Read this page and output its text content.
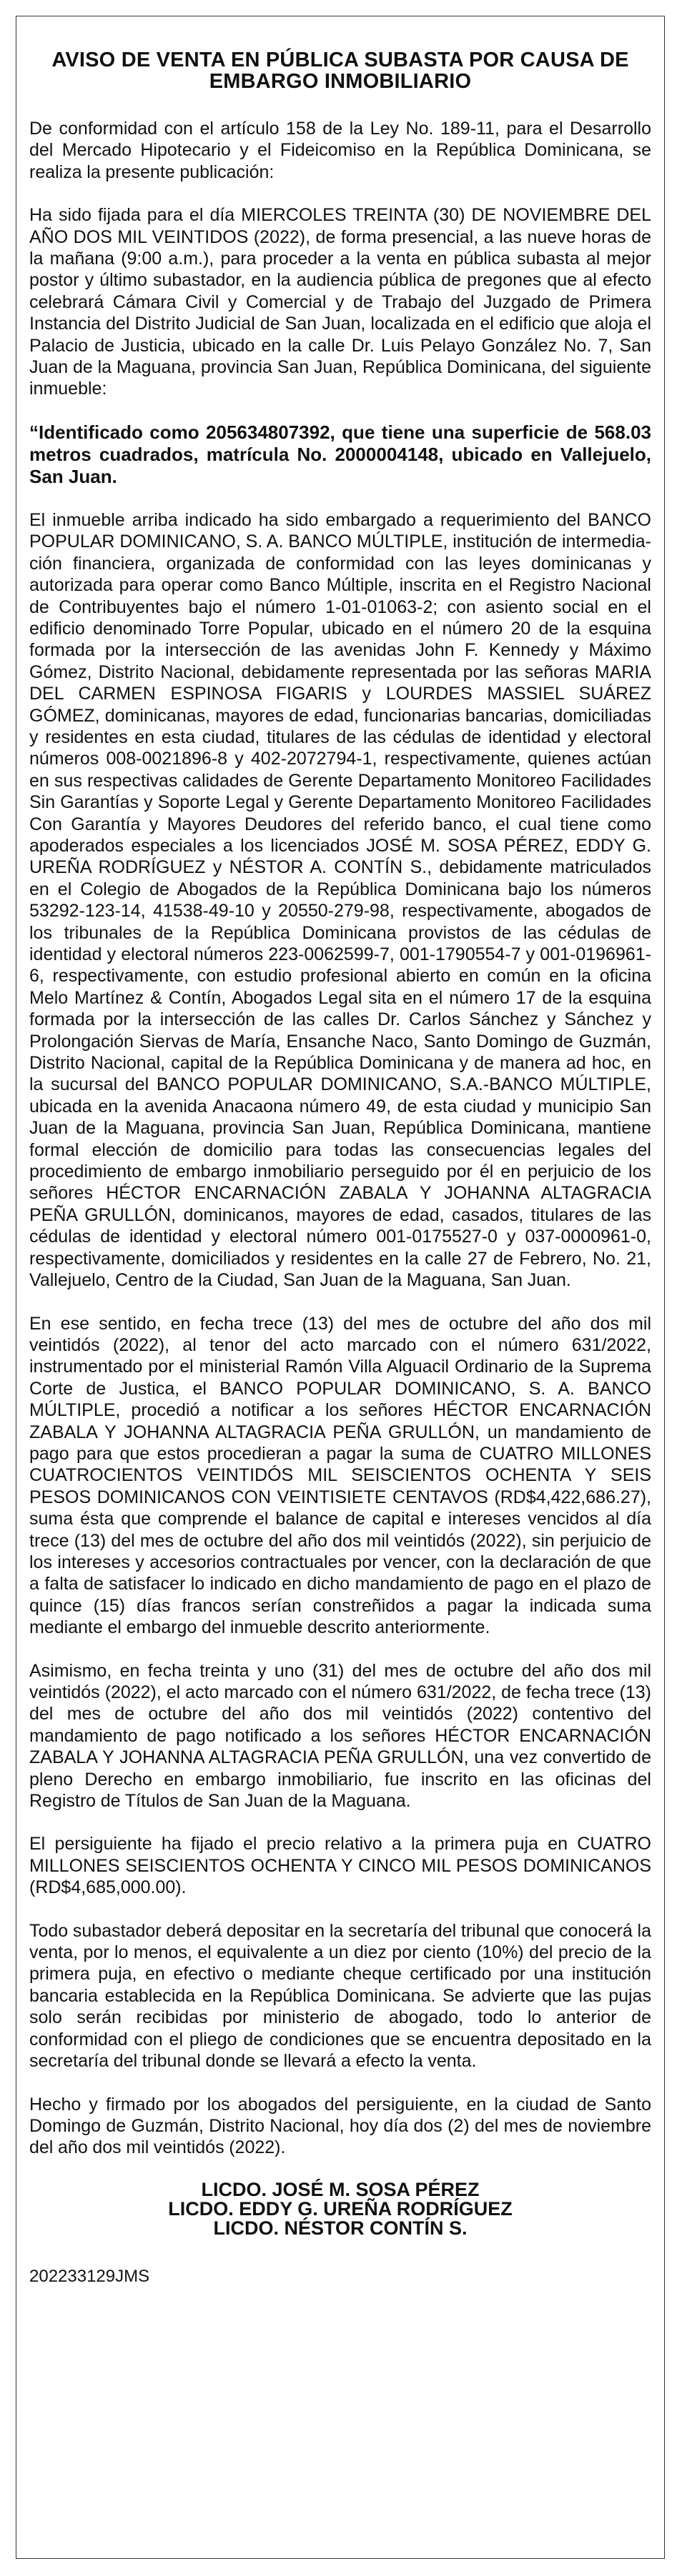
AVISO DE VENTA EN PÚBLICA SUBASTA POR CAUSA DE
EMBARGO INMOBILIARIO

De conformidad con el artículo 158 de la Ley No. 189-11, para el Desarrollo del Mercado Hipotecario y el Fideicomiso en la República Dominicana, se realiza la presente publicación:

Ha sido fijada para el día MIERCOLES TREINTA (30) DE NOVIEMBRE DEL AÑO DOS MIL VEINTIDOS (2022), de forma presencial, a las nueve horas de la mañana (9:00 a.m.), para proceder a la venta en pública subasta al mejor postor y último subastador, en la audiencia pública de pregones que al efecto celebrará Cámara Civil y Comercial y de Trabajo del Juzgado de Primera Instancia del Distrito Judicial de San Juan, localizada en el edificio que aloja el Palacio de Justicia, ubicado en la calle Dr. Luis Pelayo González No. 7, San Juan de la Maguana, provincia San Juan, República Dominicana, del siguiente inmueble:

“Identificado como 205634807392, que tiene una superficie de 568.03 metros cuadrados, matrícula No. 2000004148, ubicado en Vallejuelo, San Juan.

El inmueble arriba indicado ha sido embargado a requerimiento del BANCO POPULAR DOMINICANO, S. A. BANCO MÚLTIPLE, institución de intermediación financiera, organizada de conformidad con las leyes dominicanas y autorizada para operar como Banco Múltiple, inscrita en el Registro Nacional de Contribuyentes bajo el número 1-01-01063-2; con asiento social en el edificio denominado Torre Popular, ubicado en el número 20 de la esquina formada por la intersección de las avenidas John F. Kennedy y Máximo Gómez, Distrito Nacional, debidamente representada por las señoras MARIA DEL CARMEN ESPINOSA FIGARIS y LOURDES MASSIEL SUÁREZ GÓMEZ, dominicanas, mayores de edad, funcionarias bancarias, domiciliadas y residentes en esta ciudad, titulares de las cédulas de identidad y electoral números 008-0021896-8 y 402-2072794-1, respectivamente, quienes actúan en sus respectivas calidades de Gerente Departamento Monitoreo Facilidades Sin Garantías y Soporte Legal y Gerente Departamento Monitoreo Facilidades Con Garantía y Mayores Deudores del referido banco, el cual tiene como apoderados especiales a los licenciados JOSÉ M. SOSA PÉREZ, EDDY G. UREÑA RODRÍGUEZ y NÉSTOR A. CONTÍN S., debidamente matriculados en el Colegio de Abogados de la República Dominicana bajo los números 53292-123-14, 41538-49-10 y 20550-279-98, respectivamente, abogados de los tribunales de la República Dominicana provistos de las cédulas de identidad y electoral números 223-0062599-7, 001-1790554-7 y 001-0196961-6, respectivamente, con estudio profesional abierto en común en la oficina Melo Martínez & Contín, Abogados Legal sita en el número 17 de la esquina formada por la intersección de las calles Dr. Carlos Sánchez y Sánchez y Prolongación Siervas de María, Ensanche Naco, Santo Domingo de Guzmán, Distrito Nacional, capital de la República Dominicana y de manera ad hoc, en la sucursal del BANCO POPULAR DOMINICANO, S.A.-BANCO MÚLTIPLE, ubicada en la avenida Anacaona número 49, de esta ciudad y municipio San Juan de la Maguana, provincia San Juan, República Dominicana, mantiene formal elección de domicilio para todas las consecuencias legales del procedimiento de embargo inmobiliario perseguido por él en perjuicio de los señores HÉCTOR ENCARNACIÓN ZABALA Y JOHANNA ALTAGRACIA PEÑA GRULLÓN, dominicanos, mayores de edad, casados, titulares de las cédulas de identidad y electoral número 001-0175527-0 y 037-0000961-0, respectivamente, domiciliados y residentes en la calle 27 de Febrero, No. 21, Vallejuelo, Centro de la Ciudad, San Juan de la Maguana, San Juan.

En ese sentido, en fecha trece (13) del mes de octubre del año dos mil veintidós (2022), al tenor del acto marcado con el número 631/2022, instrumentado por el ministerial Ramón Villa Alguacil Ordinario de la Suprema Corte de Justica, el BANCO POPULAR DOMINICANO, S. A. BANCO MÚLTIPLE, procedió a notificar a los señores HÉCTOR ENCARNACIÓN ZABALA Y JOHANNA ALTAGRACIA PEÑA GRULLÓN, un mandamiento de pago para que estos procedieran a pagar la suma de CUATRO MILLONES CUATROCIENTOS VEINTIDÓS MIL SEISCIENTOS OCHENTA Y SEIS PESOS DOMINICANOS CON VEINTISIETE CENTAVOS (RD$4,422,686.27), suma ésta que comprende el balance de capital e intereses vencidos al día trece (13) del mes de octubre del año dos mil veintidós (2022), sin perjuicio de los intereses y accesorios contractuales por vencer, con la declaración de que a falta de satisfacer lo indicado en dicho mandamiento de pago en el plazo de quince (15) días francos serían constreñidos a pagar la indicada suma mediante el embargo del inmueble descrito anteriormente.

Asimismo, en fecha treinta y uno (31) del mes de octubre del año dos mil veintidós (2022), el acto marcado con el número 631/2022, de fecha trece (13) del mes de octubre del año dos mil veintidós (2022) contentivo del mandamiento de pago notificado a los señores HÉCTOR ENCARNACIÓN ZABALA Y JOHANNA ALTAGRACIA PEÑA GRULLÓN, una vez convertido de pleno Derecho en embargo inmobiliario, fue inscrito en las oficinas del Registro de Títulos de San Juan de la Maguana.

El persiguiente ha fijado el precio relativo a la primera puja en CUATRO MILLONES SEISCIENTOS OCHENTA Y CINCO MIL PESOS DOMINICANOS (RD$4,685,000.00).

Todo subastador deberá depositar en la secretaría del tribunal que conocerá la venta, por lo menos, el equivalente a un diez por ciento (10%) del precio de la primera puja, en efectivo o mediante cheque certificado por una institución bancaria establecida en la República Dominicana. Se advierte que las pujas solo serán recibidas por ministerio de abogado, todo lo anterior de conformidad con el pliego de condiciones que se encuentra depositado en la secretaría del tribunal donde se llevará a efecto la venta.

Hecho y firmado por los abogados del persiguiente, en la ciudad de Santo Domingo de Guzmán, Distrito Nacional, hoy día dos (2) del mes de noviembre del año dos mil veintidós (2022).

LICDO. JOSÉ M. SOSA PÉREZ
LICDO. EDDY G. UREÑA RODRÍGUEZ
LICDO. NÉSTOR CONTÍN S.

202233129JMS
